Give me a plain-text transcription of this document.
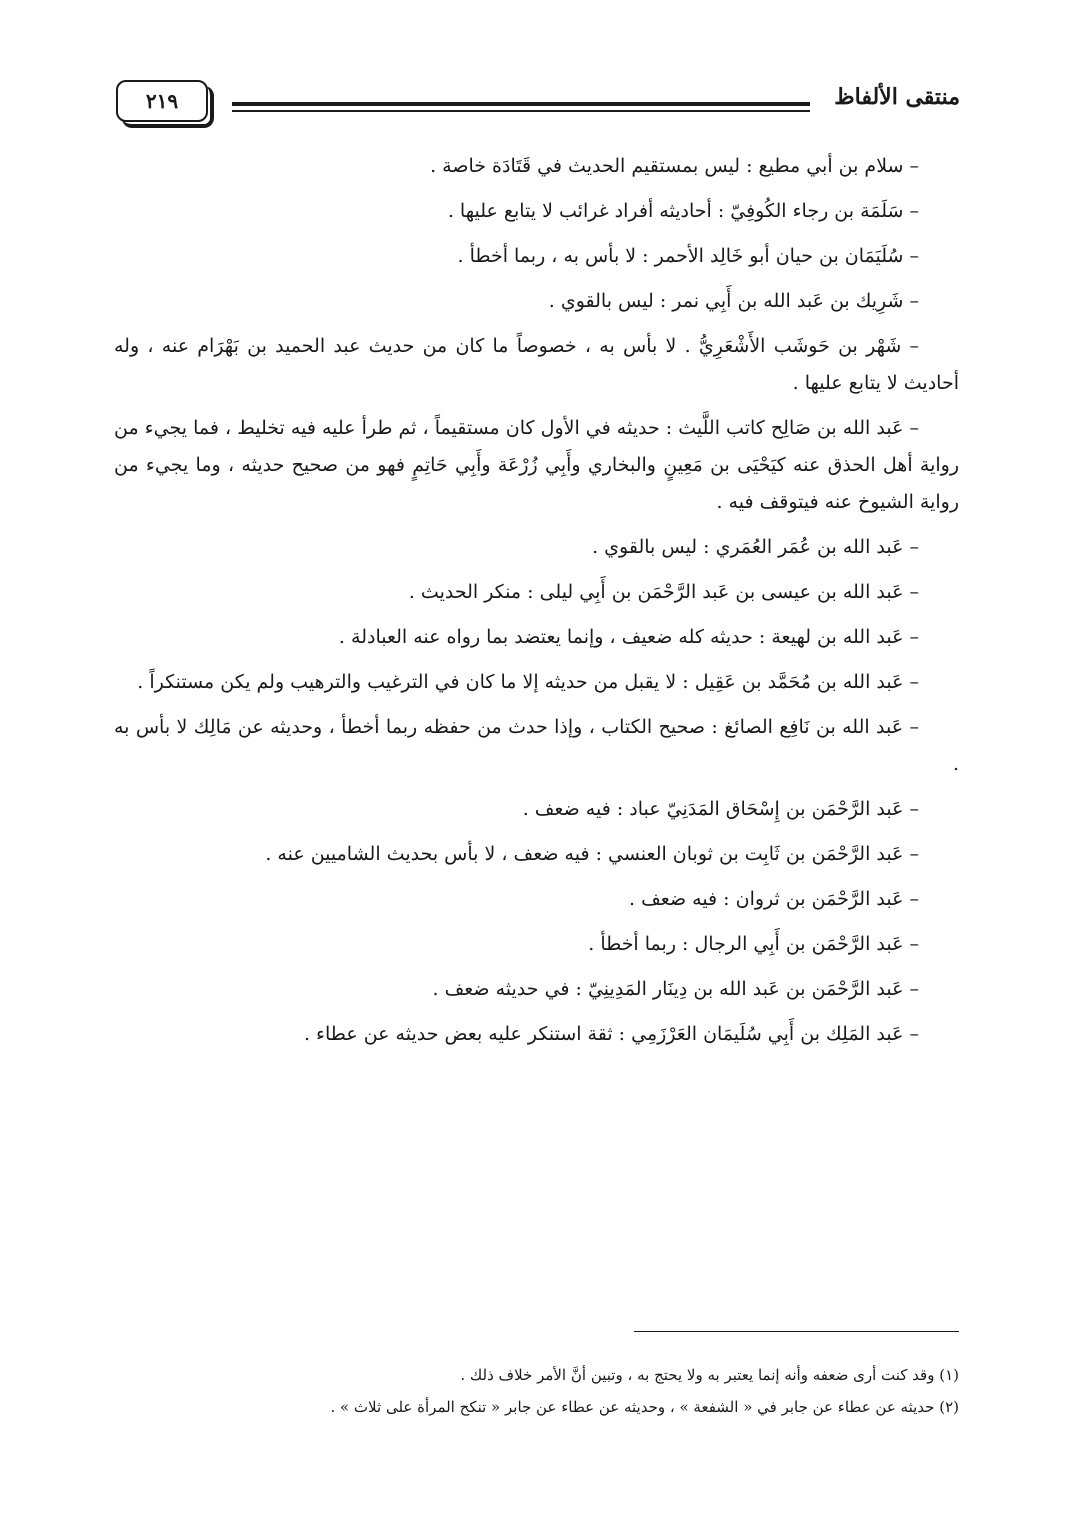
منتقى الألفاظ
٢١٩

– سلام بن أبي مطيع : ليس بمستقيم الحديث في قَتَادَة خاصة .

– سَلَمَة بن رجاء الكُوفِيّ : أحاديثه أفراد غرائب لا يتابع عليها .

– سُلَيَمَان بن حيان أبو خَالِد الأحمر : لا بأس به ، ربما أخطأ .

– شَرِيك بن عَبد الله بن أَبِي نمر : ليس بالقوي .

– شَهْر بن حَوشَب الأَشْعَرِيُّ . لا بأس به ، خصوصاً ما كان من حديث عبد الحميد بن بَهْرَام عنه ، وله أحاديث لا يتابع عليها .

– عَبد الله بن صَالِح كاتب اللَّيث : حديثه في الأول كان مستقيماً ، ثم طرأ عليه فيه تخليط ، فما يجيء من رواية أهل الحذق عنه كيَحْيَى بن مَعِينٍ والبخاري وأَبِي زُرْعَة وأَبِي حَاتِمٍ فهو من صحيح حديثه ، وما يجيء من رواية الشيوخ عنه فيتوقف فيه .

– عَبد الله بن عُمَر العُمَري : ليس بالقوي .

– عَبد الله بن عيسى بن عَبد الرَّحْمَن بن أَبِي ليلى : منكر الحديث .

– عَبد الله بن لهيعة : حديثه كله ضعيف ، وإنما يعتضد بما رواه عنه العبادلة .

– عَبد الله بن مُحَمَّد بن عَقِيل : لا يقبل من حديثه إلا ما كان في الترغيب والترهيب ولم يكن مستنكراً .

– عَبد الله بن نَافِع الصائغ : صحيح الكتاب ، وإذا حدث من حفظه ربما أخطأ ، وحديثه عن مَالِك لا بأس به .

– عَبد الرَّحْمَن بن إِسْحَاق المَدَنِيّ عباد : فيه ضعف .

– عَبد الرَّحْمَن بن ثَابِت بن ثوبان العنسي : فيه ضعف ، لا بأس بحديث الشاميين عنه .

– عَبد الرَّحْمَن بن ثروان : فيه ضعف .

– عَبد الرَّحْمَن بن أَبِي الرجال : ربما أخطأ .

– عَبد الرَّحْمَن بن عَبد الله بن دِينَار المَدِينِيّ : في حديثه ضعف .

– عَبد المَلِك بن أَبِي سُلَيمَان العَرْزَمِي : ثقة استنكر عليه بعض حديثه عن عطاء .

(١) وقد كنت أرى ضعفه وأنه إنما يعتبر به ولا يحتج به ، وتبين أنَّ الأمر خلاف ذلك .

(٢) حديثه عن عطاء عن جابر في « الشفعة » ، وحديثه عن عطاء عن جابر « تنكح المرأة على ثلاث » .
